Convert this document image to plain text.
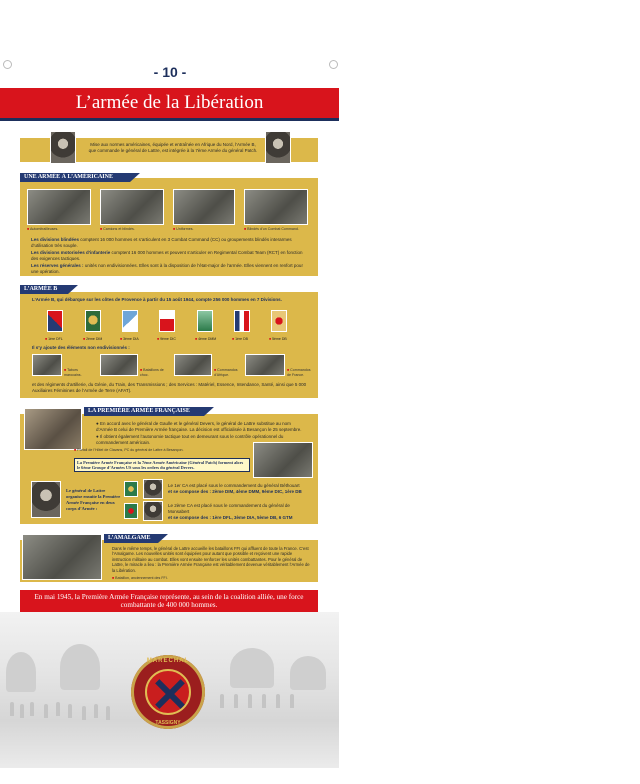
- 10 -
L’armée de la Libération
Mise aux normes américaines, équipée et entraînée en Afrique du Nord, l’Armée B, que commande le général de Lattre, est intégrée à la 7ème Armée du général Patch.
UNE ARMÉE À L’AMÉRICAINE
■ Automitrailleuses.	■ Camions et blindés.	■ Uniformes.	■ Blindés d’un Combat Command.
Les divisions blindées comptent 16 000 hommes et s’articulent en 3 Combat Command (CC) ou groupements blindés interarmes d’utilisation très souple.
Les divisions motorisées d’infanterie comptent 16 000 hommes et peuvent s’articuler en Regimental Combat Team (RCT) en fonction des exigences tactiques.
Les réserves générales : unités non endivisionnées. Elles sont à la disposition de l’état-major de l’armée. Elles viennent en renfort pour une opération.
L’ARMÉE B
L’Armée B, qui débarque sur les côtes de Provence à partir du 15 août 1944, compte 256 000 hommes en 7 Divisions.
■ 1ère DFL	■ 2ème DIM	■ 3ème DIA	■ 9ème DIC	■ 4ème DMM	■ 1ère DB	■ 5ème DB
Il s’y ajoute des éléments non endivisionnés :
■ Tabors marocains.
■ Bataillons de choc.
■ Commandos d’Afrique.
■ Commandos de France.
et des régiments d’artillerie, du Génie, du Train, des Transmissions ; des Services : Matériel, Essence, Intendance, Santé, ainsi que 5 000 Auxiliaires Féminines de l’Armée de Terre (AFAT).
LA PREMIÈRE ARMÉE FRANÇAISE
● En accord avec le général de Gaulle et le général Devers, le général de Lattre substitue au nom d’Armée B celui de Première Armée française. La décision est officialisée à Besançon le 25 septembre.
● Il obtient également l’autonomie tactique tout en demeurant sous le contrôle opérationnel du commandement américain.
■ Portail de l’Hôtel de Clavans, PC du général de Lattre à Besançon.
La Première Armée Française et la 7ème Armée Américaine (Général Patch) forment alors le 6ème Groupe d’Armées US sous les ordres du général Devers.
Le général de Lattre organise ensuite la Première Armée Française en deux corps d’Armée :
Le 1er CA est placé sous le commandement du général Béthouart
et se compose des : 2ème DIM, 4ème DMM, 9ème DIC, 1ère DB
Le 2ème CA est placé sous le commandement du général de Monsabert
et se compose des : 1ère DFL, 3ème DIA, 5ème DB, 6 GTM
L’AMALGAME
Dans le même temps, le général de Lattre accueille les bataillons FFI qui affluent de toute la France. C’est l’Amalgame. Les nouvelles unités sont équipées pour autant que possible et reçoivent une rapide instruction militaire au combat. Elles vont ensuite renforcer les unités combattantes. Pour le général de Lattre, le miracle a lieu : la Première Armée Française est véritablement devenue véritablement l’Armée de la Libération.
■ Bataillon, anciennement des FFI.
En mai 1945, la Première Armée Française représente, au sein de la coalition alliée, une force combattante de 400 000 hommes.
MARECHAL
TASSIGNY
